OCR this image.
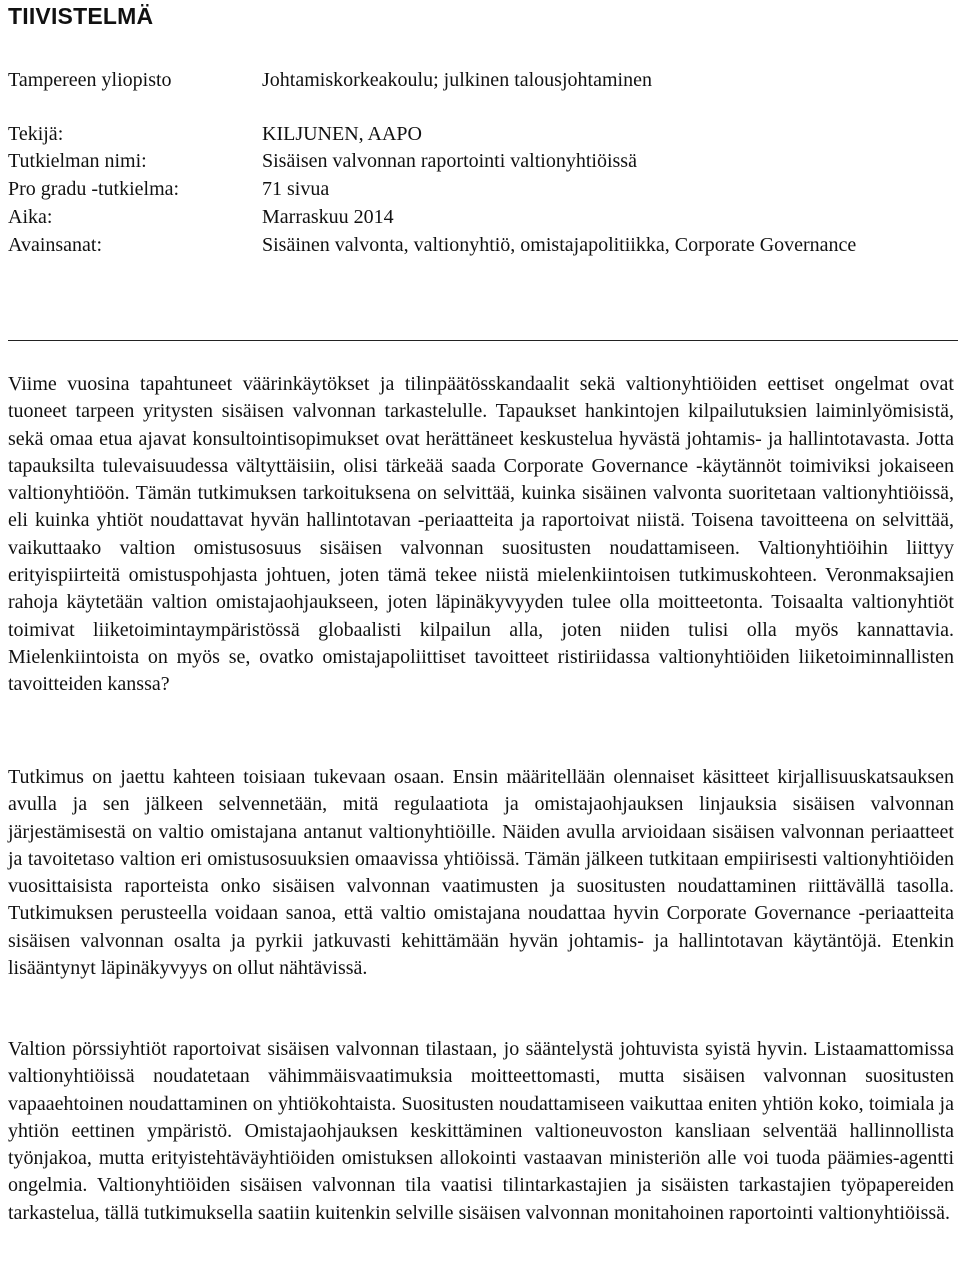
TIIVISTELMÄ
Tampereen yliopisto	Johtamiskorkeakoulu; julkinen talousjohtaminen
Tekijä:	KILJUNEN, AAPO
Tutkielman nimi:	Sisäisen valvonnan raportointi valtionyhtiöissä
Pro gradu -tutkielma:	71 sivua
Aika:	Marraskuu 2014
Avainsanat:	Sisäinen valvonta, valtionyhtiö, omistajapolitiikka, Corporate Governance

Viime vuosina tapahtuneet väärinkäytökset ja tilinpäätösskandaalit sekä valtionyhtiöiden eettiset ongelmat ovat tuoneet tarpeen yritysten sisäisen valvonnan tarkastelulle. Tapaukset hankintojen kilpailutuksien laiminlyömisistä, sekä omaa etua ajavat konsultointisopimukset ovat herättäneet keskustelua hyvästä johtamis- ja hallintotavasta. Jotta tapauksilta tulevaisuudessa vältyttäisiin, olisi tärkeää saada Corporate Governance -käytännöt toimiviksi jokaiseen valtionyhtiöön. Tämän tutkimuksen tarkoituksena on selvittää, kuinka sisäinen valvonta suoritetaan valtionyhtiöissä, eli kuinka yhtiöt noudattavat hyvän hallintotavan -periaatteita ja raportoivat niistä. Toisena tavoitteena on selvittää, vaikuttaako valtion omistusosuus sisäisen valvonnan suositusten noudattamiseen. Valtionyhtiöihin liittyy erityispiirteitä omistuspohjasta johtuen, joten tämä tekee niistä mielenkiintoisen tutkimuskohteen. Veronmaksajien rahoja käytetään valtion omistajaohjaukseen, joten läpinäkyvyyden tulee olla moitteetonta. Toisaalta valtionyhtiöt toimivat liiketoimintaympäristössä globaalisti kilpailun alla, joten niiden tulisi olla myös kannattavia. Mielenkiintoista on myös se, ovatko omistajapoliittiset tavoitteet ristiriidassa valtionyhtiöiden liiketoiminnallisten tavoitteiden kanssa?

Tutkimus on jaettu kahteen toisiaan tukevaan osaan. Ensin määritellään olennaiset käsitteet kirjallisuuskatsauksen avulla ja sen jälkeen selvennetään, mitä regulaatiota ja omistajaohjauksen linjauksia sisäisen valvonnan järjestämisestä on valtio omistajana antanut valtionyhtiöille. Näiden avulla arvioidaan sisäisen valvonnan periaatteet ja tavoitetaso valtion eri omistusosuuksien omaavissa yhtiöissä. Tämän jälkeen tutkitaan empiirisesti valtionyhtiöiden vuosittaisista raporteista onko sisäisen valvonnan vaatimusten ja suositusten noudattaminen riittävällä tasolla. Tutkimuksen perusteella voidaan sanoa, että valtio omistajana noudattaa hyvin Corporate Governance -periaatteita sisäisen valvonnan osalta ja pyrkii jatkuvasti kehittämään hyvän johtamis- ja hallintotavan käytäntöjä. Etenkin lisääntynyt läpinäkyvyys on ollut nähtävissä.

Valtion pörssiyhtiöt raportoivat sisäisen valvonnan tilastaan, jo sääntelystä johtuvista syistä hyvin. Listaamattomissa valtionyhtiöissä noudatetaan vähimmäisvaatimuksia moitteettomasti, mutta sisäisen valvonnan suositusten vapaaehtoinen noudattaminen on yhtiökohtaista. Suositusten noudattamiseen vaikuttaa eniten yhtiön koko, toimiala ja yhtiön eettinen ympäristö. Omistajaohjauksen keskittäminen valtioneuvoston kansliaan selventää hallinnollista työnjakoa, mutta erityistehtäväyhtiöiden omistuksen allokointi vastaavan ministeriön alle voi tuoda päämies-agentti ongelmia. Valtionyhtiöiden sisäisen valvonnan tila vaatisi tilintarkastajien ja sisäisten tarkastajien työpapereiden tarkastelua, tällä tutkimuksella saatiin kuitenkin selville sisäisen valvonnan monitahoinen raportointi valtionyhtiöissä.
